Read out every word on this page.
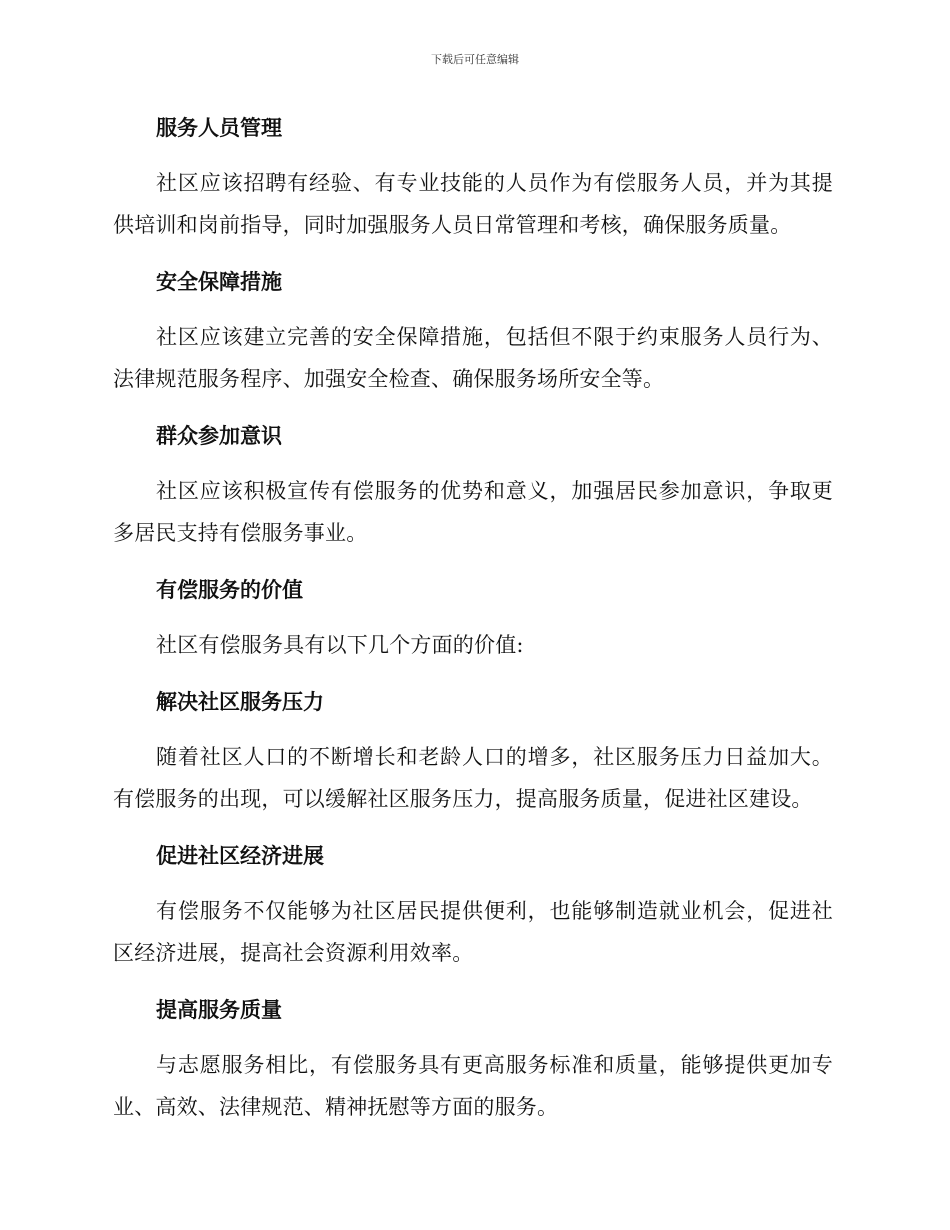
下载后可任意编辑
服务人员管理

社区应该招聘有经验、有专业技能的人员作为有偿服务人员，并为其提供培训和岗前指导，同时加强服务人员日常管理和考核，确保服务质量。

安全保障措施

社区应该建立完善的安全保障措施，包括但不限于约束服务人员行为、法律规范服务程序、加强安全检查、确保服务场所安全等。

群众参加意识

社区应该积极宣传有偿服务的优势和意义，加强居民参加意识，争取更多居民支持有偿服务事业。

有偿服务的价值

社区有偿服务具有以下几个方面的价值:

解决社区服务压力

随着社区人口的不断增长和老龄人口的增多，社区服务压力日益加大。有偿服务的出现，可以缓解社区服务压力，提高服务质量，促进社区建设。

促进社区经济进展

有偿服务不仅能够为社区居民提供便利，也能够制造就业机会，促进社区经济进展，提高社会资源利用效率。

提高服务质量

与志愿服务相比，有偿服务具有更高服务标准和质量，能够提供更加专业、高效、法律规范、精神抚慰等方面的服务。
